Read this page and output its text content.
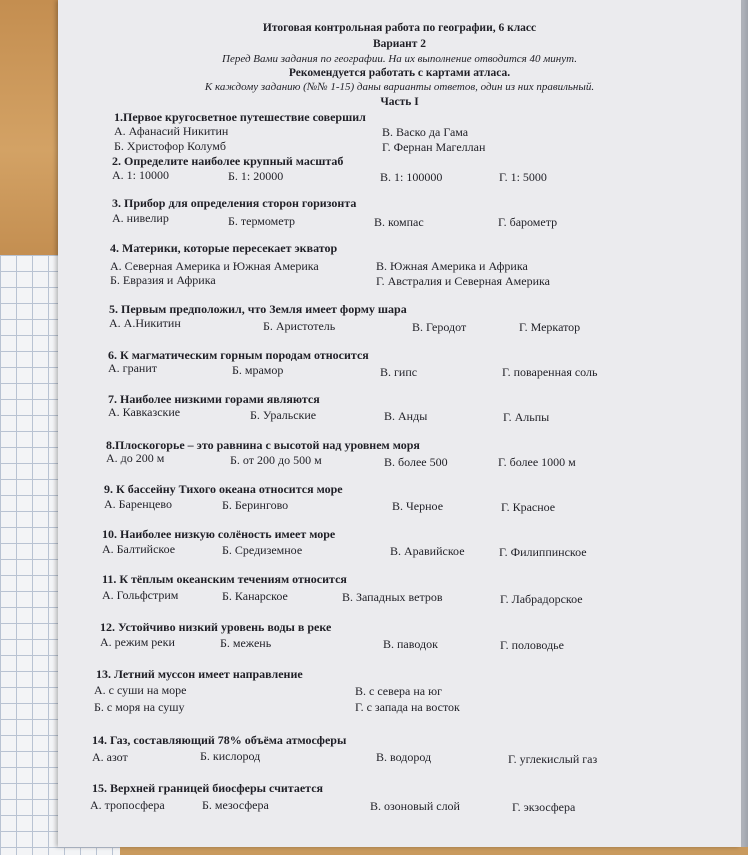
Итоговая контрольная работа по географии, 6 класс
Вариант 2
Перед Вами задания по географии. На их выполнение отводится 40 минут.
Рекомендуется работать с картами атласа.
К каждому заданию (№№ 1-15) даны варианты ответов, один из них правильный.
Часть I
1.Первое кругосветное путешествие совершил
А. Афанасий Никитин	В. Васко да Гама
Б. Христофор Колумб	Г. Фернан Магеллан
2. Определите наиболее крупный масштаб
А. 1: 10000	Б. 1: 20000	В. 1: 100000	Г. 1: 5000
3. Прибор для определения сторон горизонта
А. нивелир	Б. термометр	В. компас	Г. барометр
4. Материки, которые пересекает экватор
А. Северная Америка и Южная Америка	В. Южная Америка и Африка
Б. Евразия и Африка	Г. Австралия и Северная Америка
5. Первым предположил, что Земля имеет форму шара
А. А.Никитин	Б. Аристотель	В. Геродот	Г. Меркатор
6. К магматическим горным породам относится
А. гранит	Б. мрамор	В. гипс	Г. поваренная соль
7. Наиболее низкими горами являются
А. Кавказские	Б. Уральские	В. Анды	Г. Альпы
8.Плоскогорье – это равнина с высотой над уровнем моря
А. до 200 м	Б. от 200 до 500 м	В. более 500	Г. более 1000 м
9. К бассейну Тихого океана относится море
А. Баренцево	Б. Берингово	В. Черное	Г. Красное
10. Наиболее низкую солёность имеет море
А. Балтийское	Б. Средиземное	В. Аравийское	Г. Филиппинское
11. К тёплым океанским течениям относится
А. Гольфстрим	Б. Канарское	В. Западных ветров	Г. Лабрадорское
12. Устойчиво низкий уровень воды в реке
А. режим реки	Б. межень	В. паводок	Г. половодье
13. Летний муссон имеет направление
А. с суши на море	В. с севера на юг
Б. с моря на сушу	Г. с запада на восток
14. Газ, составляющий 78% объёма атмосферы
А. азот	Б. кислород	В. водород	Г. углекислый газ
15. Верхней границей биосферы считается
А. тропосфера	Б. мезосфера	В. озоновый слой	Г. экзосфера
